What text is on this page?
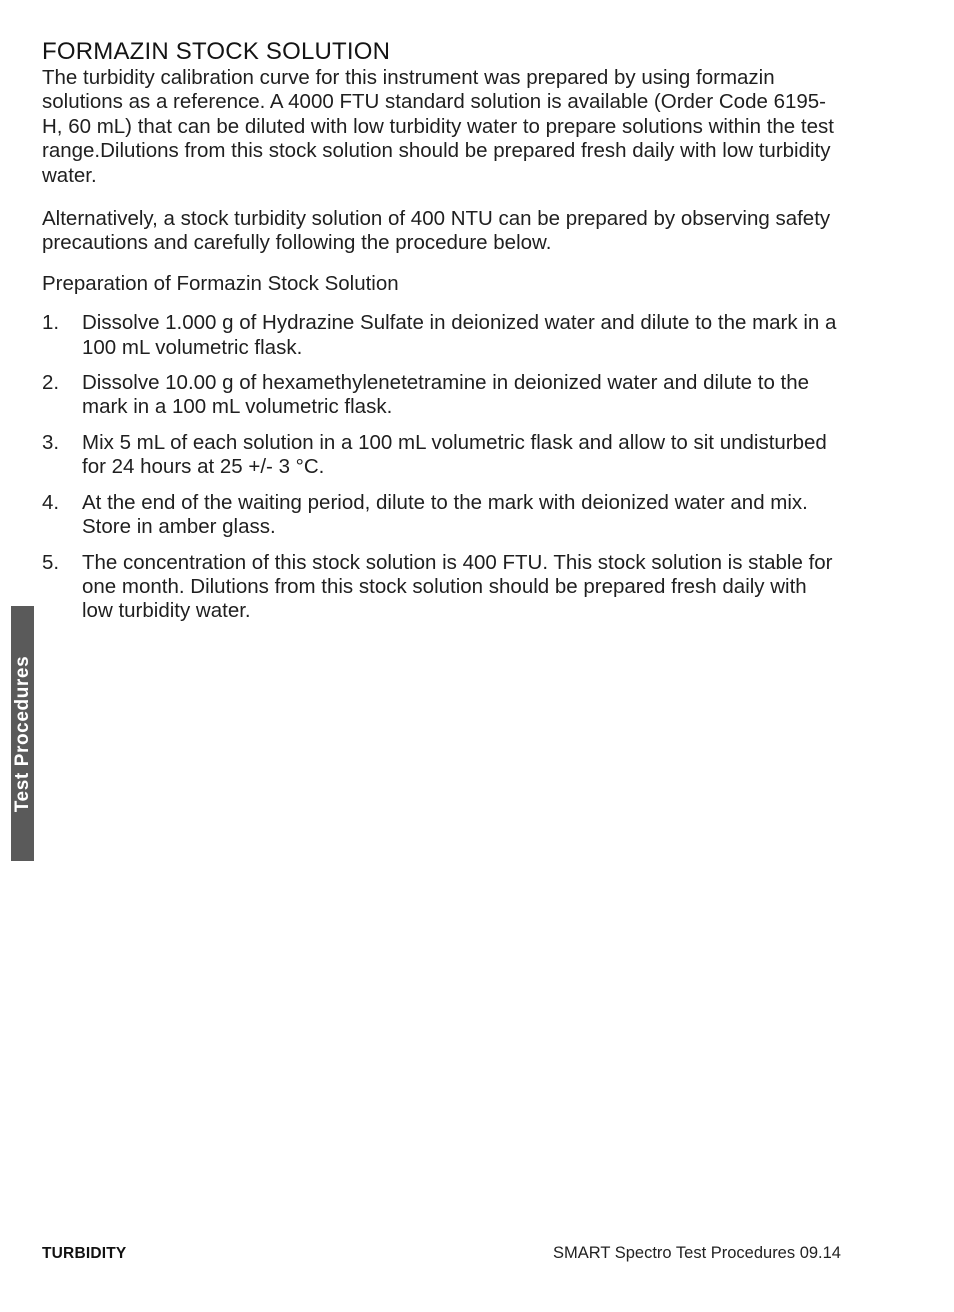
FORMAZIN STOCK SOLUTION

The turbidity calibration curve for this instrument was prepared by using formazin solutions as a reference. A 4000 FTU standard solution is available (Order Code 6195-H, 60 mL) that can be diluted with low turbidity water to prepare solutions within the test range.Dilutions from this stock solution should be prepared fresh daily with low turbidity water.

Alternatively, a stock turbidity solution of 400 NTU can be prepared by observing safety precautions and carefully following the procedure below.

Preparation of Formazin Stock Solution

1. Dissolve 1.000 g of Hydrazine Sulfate in deionized water and dilute to the mark in a 100 mL volumetric flask.
2. Dissolve 10.00 g of hexamethylenetetramine in deionized water and dilute to the mark in a 100 mL volumetric flask.
3. Mix 5 mL of each solution in a 100 mL volumetric flask and allow to sit undisturbed for 24 hours at 25 +/- 3 °C.
4. At the end of the waiting period, dilute to the mark with deionized water and mix. Store in amber glass.
5. The concentration of this stock solution is 400 FTU. This stock solution is stable for one month. Dilutions from this stock solution should be prepared fresh daily with low turbidity water.
Test Procedures
TURBIDITY	SMART Spectro Test Procedures 09.14
